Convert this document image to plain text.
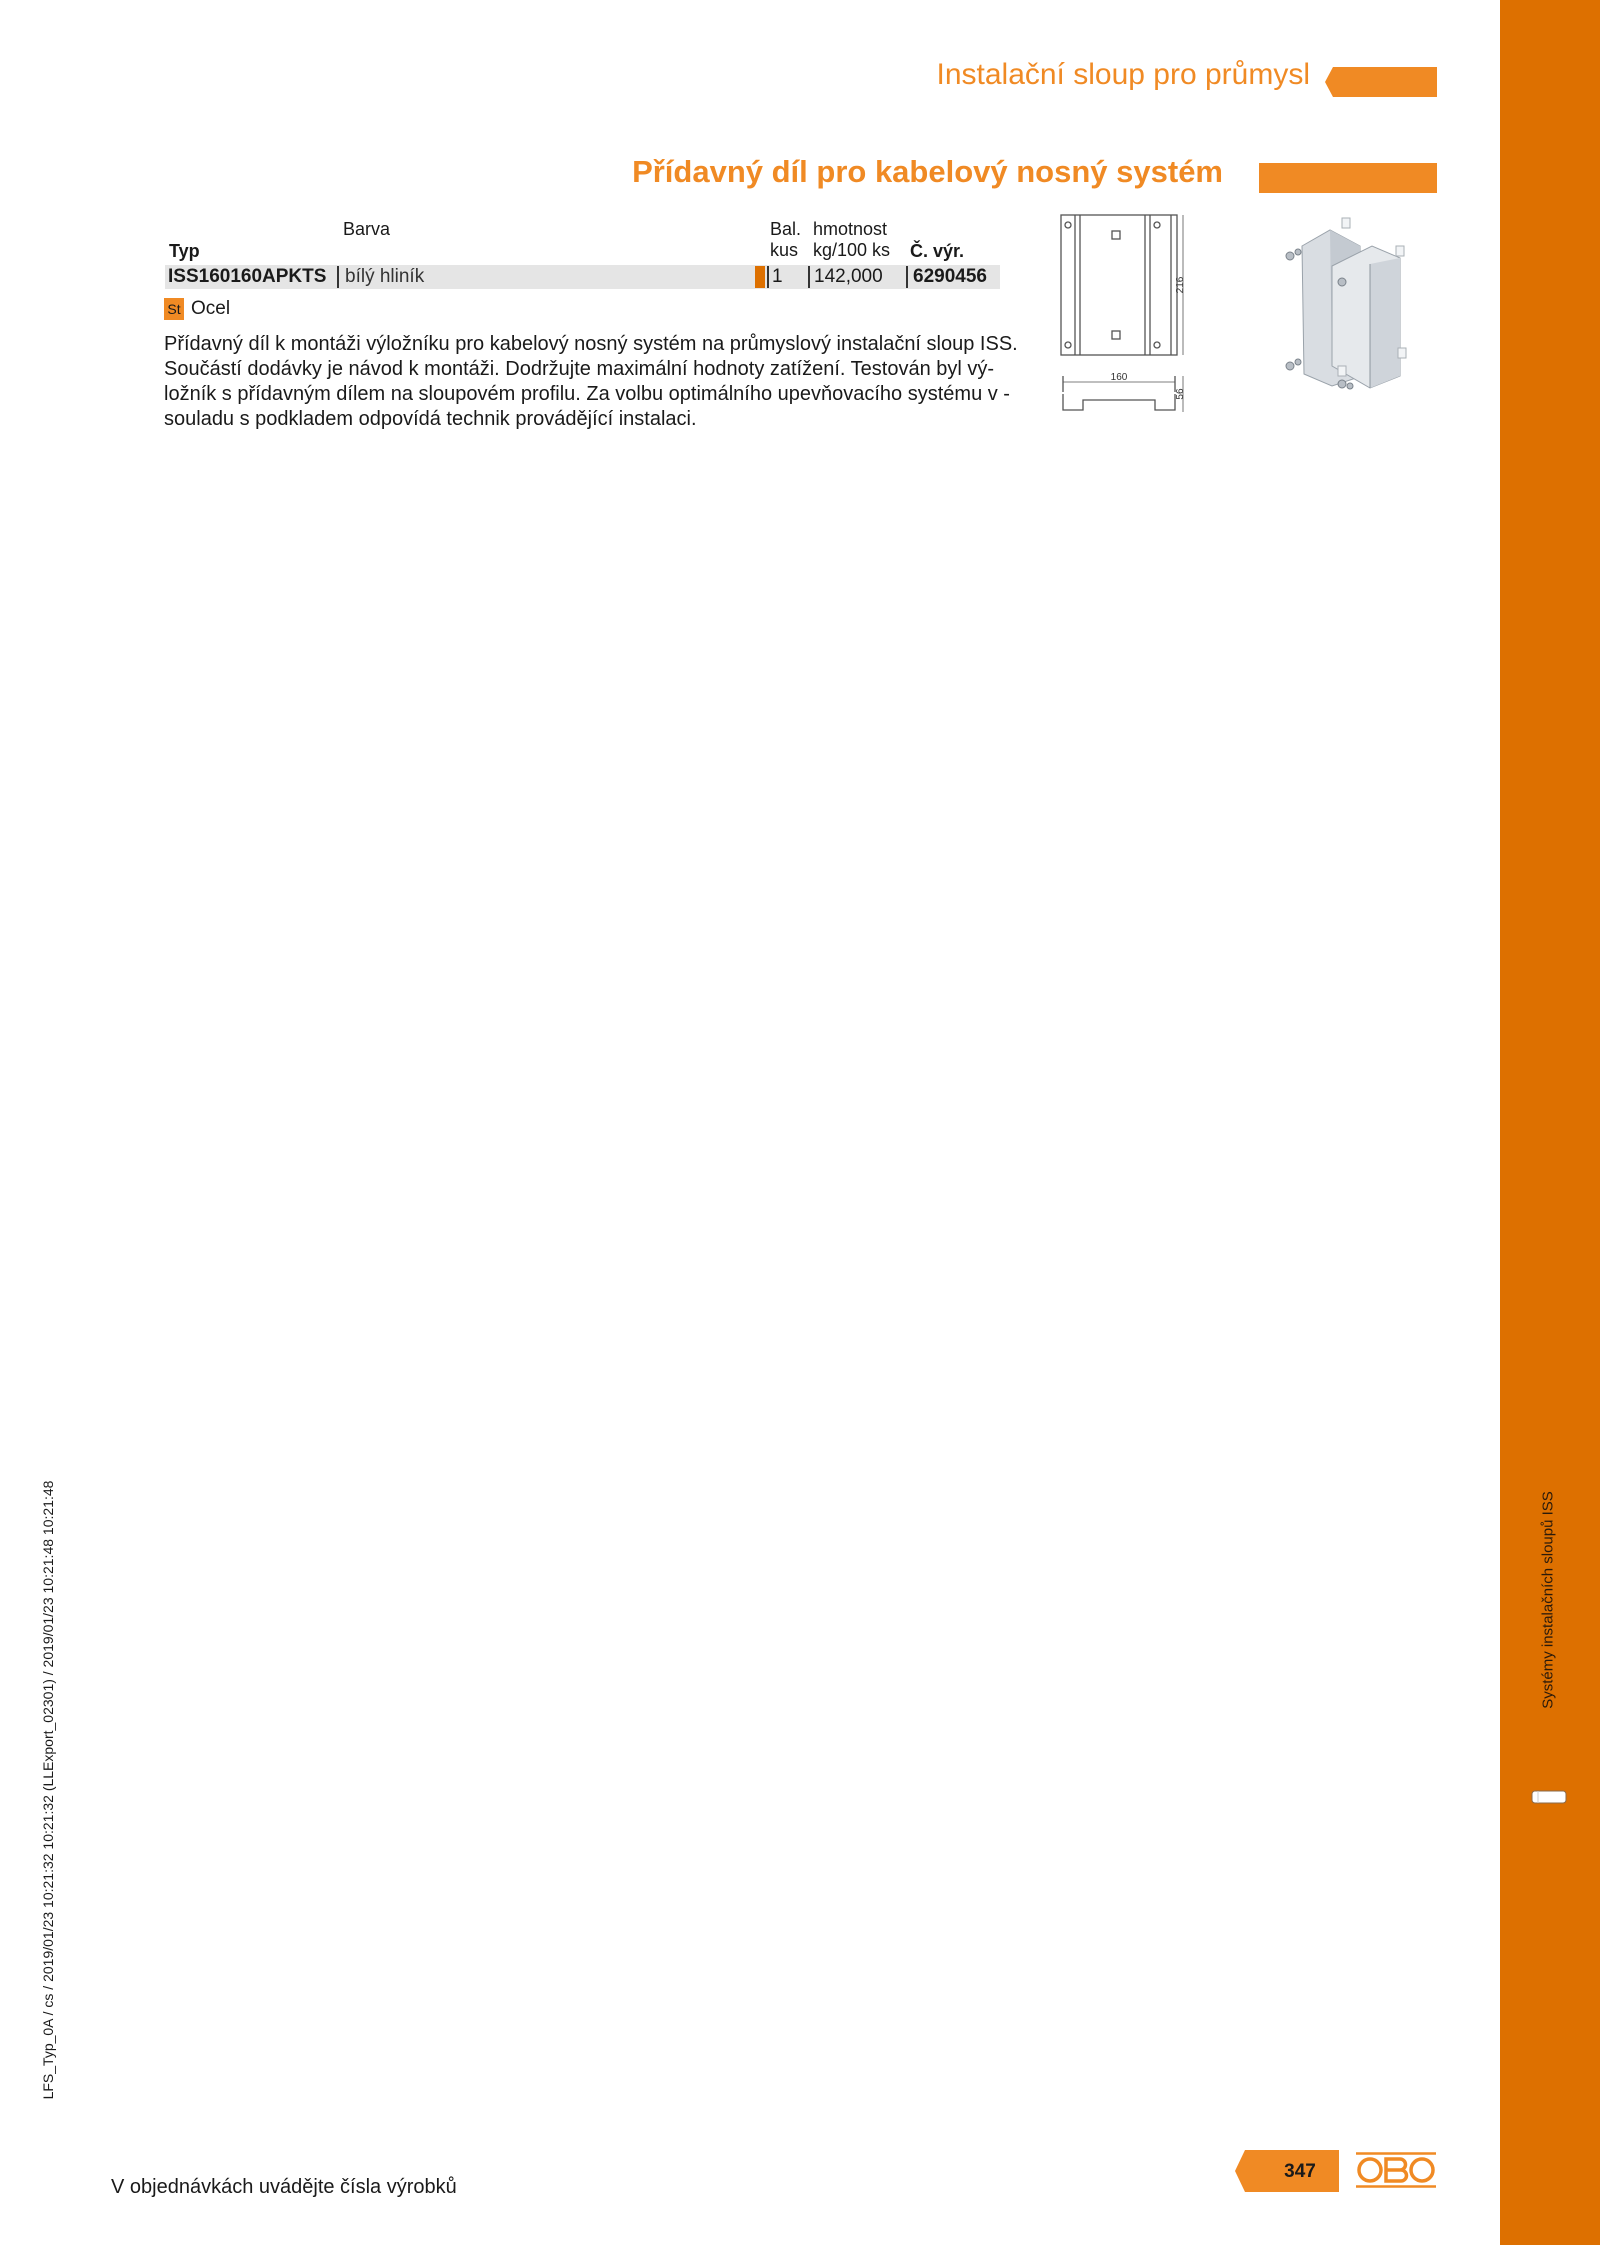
Systémy instalačních sloupů ISS
Instalační sloup pro průmysl
Přídavný díl pro kabelový nosný systém
Barva
Typ
Bal.
kus
hmotnost
kg/100 ks Č. výr.
ISS160160APKTS bílý hliník	1 142,000 6290456
St Ocel
Přídavný díl k montáži výložníku pro kabelový nosný systém na průmyslový instalační sloup ISS.
Součástí dodávky je návod k montáži. Dodržujte maximální hodnoty zatížení. Testován byl vý-
ložník s přídavným dílem na sloupovém profilu. Za volbu optimálního upevňovacího systému v -
souladu s podkladem odpovídá technik provádějící instalaci.
216
160
56
LFS_Typ_0A / cs / 2019/01/23 10:21:32 10:21:32 (LLExport_02301) / 2019/01/23 10:21:48 10:21:48
V objednávkách uvádějte čísla výrobků
347
